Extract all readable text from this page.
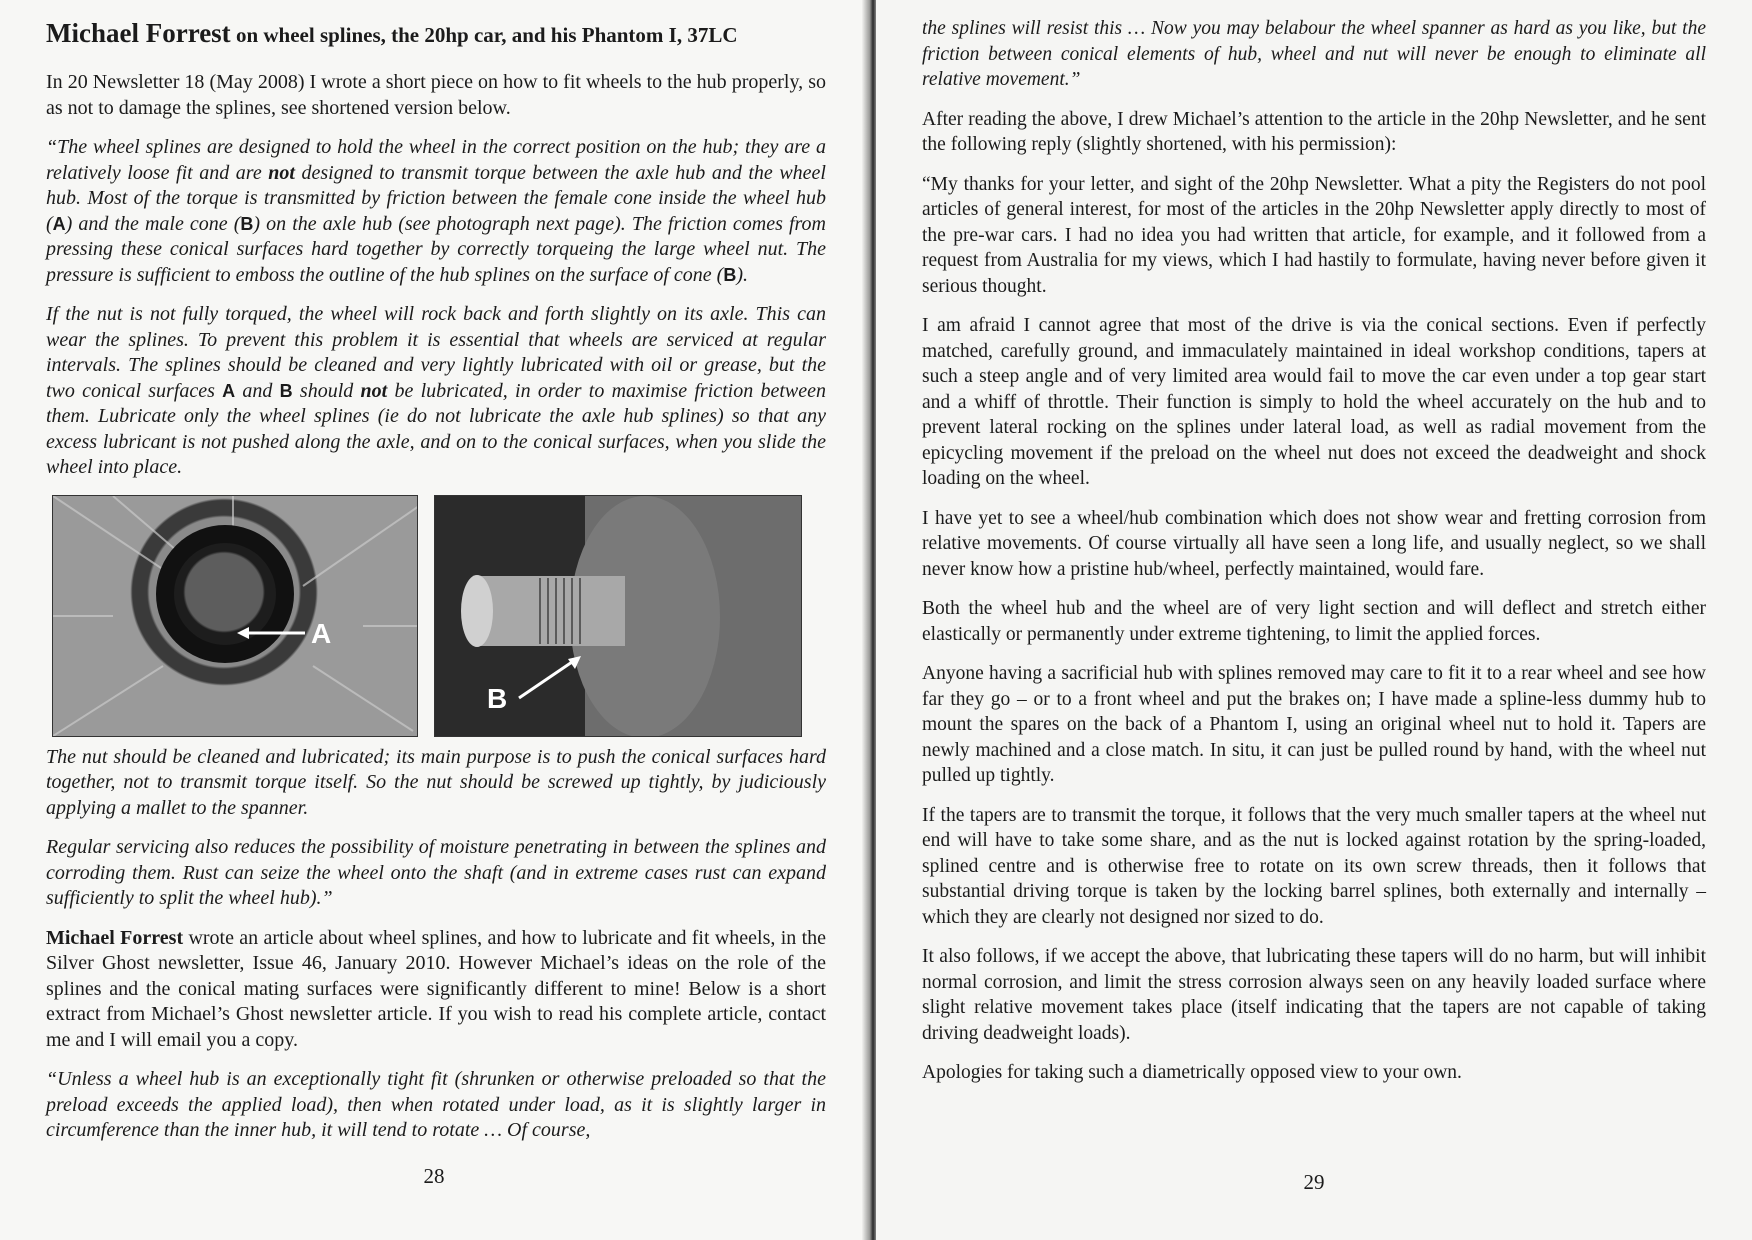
Michael Forrest on wheel splines, the 20hp car, and his Phantom I, 37LC

In 20 Newsletter 18 (May 2008) I wrote a short piece on how to fit wheels to the hub properly, so as not to damage the splines, see shortened version below.

“The wheel splines are designed to hold the wheel in the correct position on the hub; they are a relatively loose fit and are not designed to transmit torque between the axle hub and the wheel hub. Most of the torque is transmitted by friction between the female cone inside the wheel hub (A) and the male cone (B) on the axle hub (see photograph next page). The friction comes from pressing these conical surfaces hard together by correctly torqueing the large wheel nut. The pressure is sufficient to emboss the outline of the hub splines on the surface of cone (B).

If the nut is not fully torqued, the wheel will rock back and forth slightly on its axle. This can wear the splines. To prevent this problem it is essential that wheels are serviced at regular intervals. The splines should be cleaned and very lightly lubricated with oil or grease, but the two conical surfaces A and B should not be lubricated, in order to maximise friction between them. Lubricate only the wheel splines (ie do not lubricate the axle hub splines) so that any excess lubricant is not pushed along the axle, and on to the conical surfaces, when you slide the wheel into place.

A
B

The nut should be cleaned and lubricated; its main purpose is to push the conical surfaces hard together, not to transmit torque itself. So the nut should be screwed up tightly, by judiciously applying a mallet to the spanner.

Regular servicing also reduces the possibility of moisture penetrating in between the splines and corroding them. Rust can seize the wheel onto the shaft (and in extreme cases rust can expand sufficiently to split the wheel hub).”

Michael Forrest wrote an article about wheel splines, and how to lubricate and fit wheels, in the Silver Ghost newsletter, Issue 46, January 2010. However Michael’s ideas on the role of the splines and the conical mating surfaces were significantly different to mine! Below is a short extract from Michael’s Ghost newsletter article. If you wish to read his complete article, contact me and I will email you a copy.

“Unless a wheel hub is an exceptionally tight fit (shrunken or otherwise preloaded so that the preload exceeds the applied load), then when rotated under load, as it is slightly larger in circumference than the inner hub, it will tend to rotate … Of course,

28

the splines will resist this … Now you may belabour the wheel spanner as hard as you like, but the friction between conical elements of hub, wheel and nut will never be enough to eliminate all relative movement.”

After reading the above, I drew Michael’s attention to the article in the 20hp Newsletter, and he sent the following reply (slightly shortened, with his permission):

“My thanks for your letter, and sight of the 20hp Newsletter. What a pity the Registers do not pool articles of general interest, for most of the articles in the 20hp Newsletter apply directly to most of the pre-war cars. I had no idea you had written that article, for example, and it followed from a request from Australia for my views, which I had hastily to formulate, having never before given it serious thought.

I am afraid I cannot agree that most of the drive is via the conical sections. Even if perfectly matched, carefully ground, and immaculately maintained in ideal workshop conditions, tapers at such a steep angle and of very limited area would fail to move the car even under a top gear start and a whiff of throttle. Their function is simply to hold the wheel accurately on the hub and to prevent lateral rocking on the splines under lateral load, as well as radial movement from the epicycling movement if the preload on the wheel nut does not exceed the deadweight and shock loading on the wheel.

I have yet to see a wheel/hub combination which does not show wear and fretting corrosion from relative movements. Of course virtually all have seen a long life, and usually neglect, so we shall never know how a pristine hub/wheel, perfectly maintained, would fare.

Both the wheel hub and the wheel are of very light section and will deflect and stretch either elastically or permanently under extreme tightening, to limit the applied forces.

Anyone having a sacrificial hub with splines removed may care to fit it to a rear wheel and see how far they go – or to a front wheel and put the brakes on; I have made a spline-less dummy hub to mount the spares on the back of a Phantom I, using an original wheel nut to hold it. Tapers are newly machined and a close match. In situ, it can just be pulled round by hand, with the wheel nut pulled up tightly.

If the tapers are to transmit the torque, it follows that the very much smaller tapers at the wheel nut end will have to take some share, and as the nut is locked against rotation by the spring-loaded, splined centre and is otherwise free to rotate on its own screw threads, then it follows that substantial driving torque is taken by the locking barrel splines, both externally and internally – which they are clearly not designed nor sized to do.

It also follows, if we accept the above, that lubricating these tapers will do no harm, but will inhibit normal corrosion, and limit the stress corrosion always seen on any heavily loaded surface where slight relative movement takes place (itself indicating that the tapers are not capable of taking driving deadweight loads).

Apologies for taking such a diametrically opposed view to your own.

29
